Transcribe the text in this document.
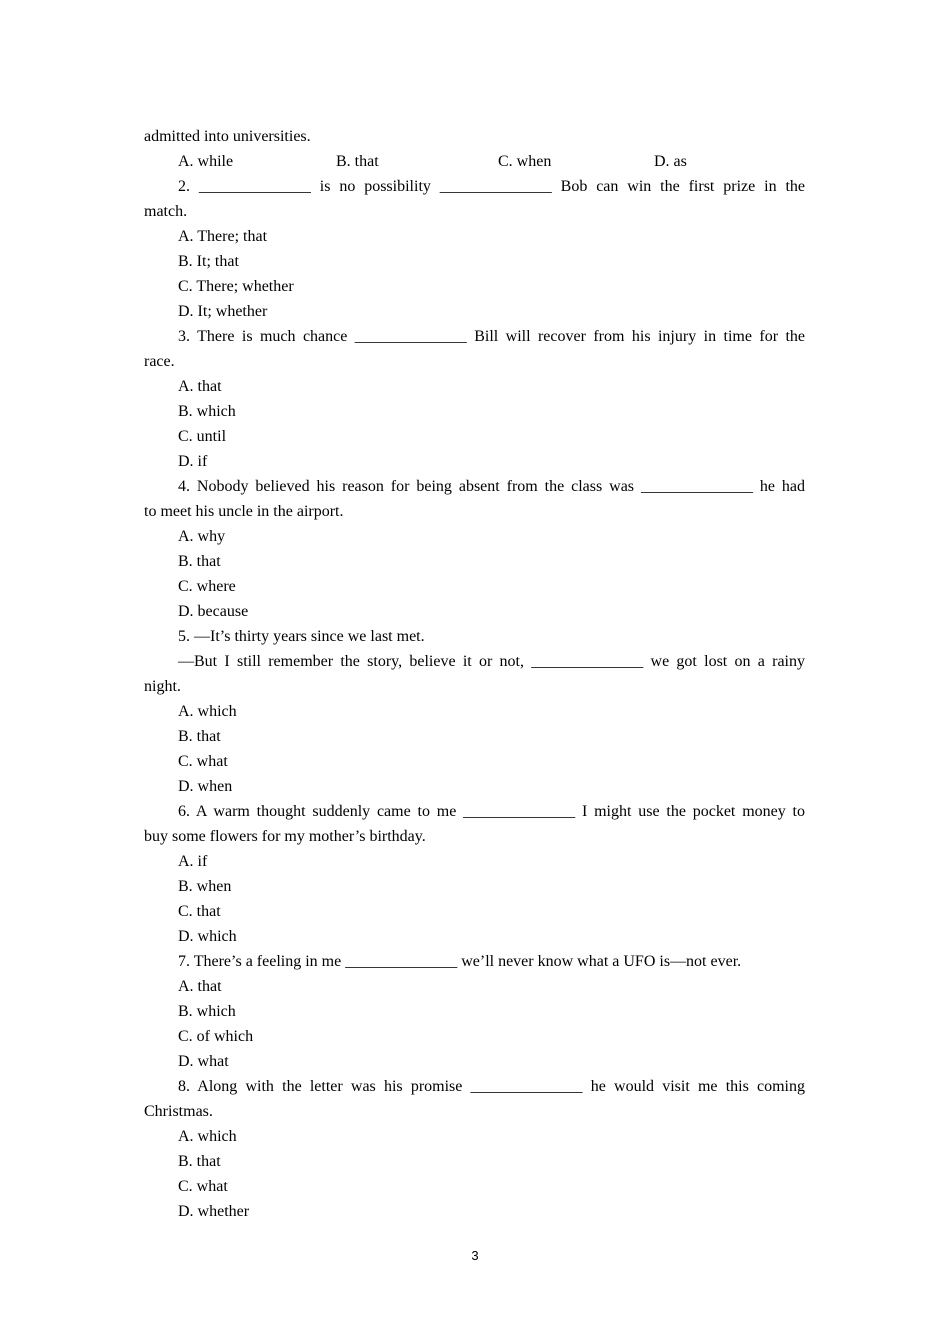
admitted into universities.
A. while	B. that	C. when	D. as
2. ______________ is no possibility ______________ Bob can win the first prize in the
match.
A. There; that
B. It; that
C. There; whether
D. It; whether
3. There is much chance ______________ Bill will recover from his injury in time for the
race.
A. that
B. which
C. until
D. if
4. Nobody believed his reason for being absent from the class was ______________ he had
to meet his uncle in the airport.
A. why
B. that
C. where
D. because
5. —It’s thirty years since we last met.
—But I still remember the story, believe it or not, ______________ we got lost on a rainy
night.
A. which
B. that
C. what
D. when
6. A warm thought suddenly came to me ______________ I might use the pocket money to
buy some flowers for my mother’s birthday.
A. if
B. when
C. that
D. which
7. There’s a feeling in me ______________ we’ll never know what a UFO is—not ever.
A. that
B. which
C. of which
D. what
8. Along with the letter was his promise ______________ he would visit me this coming
Christmas.
A. which
B. that
C. what
D. whether
3
